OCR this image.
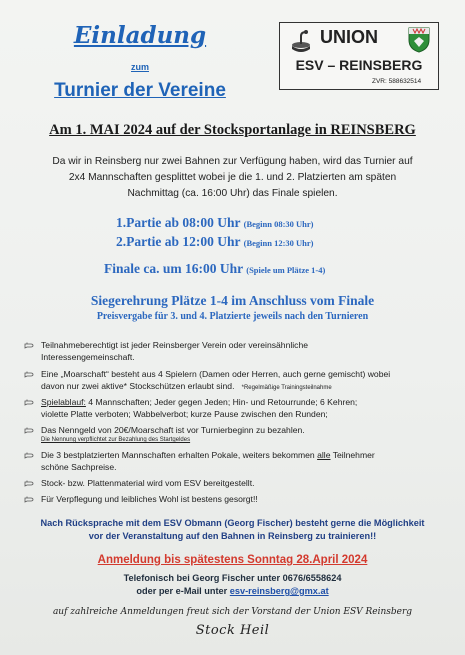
Einladung
zum
Turnier der Vereine
UNION
ESV – REINSBERG
ZVR: 588632514
Am 1. MAI 2024 auf der Stocksportanlage in REINSBERG
Da wir in Reinsberg nur zwei Bahnen zur Verfügung haben, wird das Turnier auf
2x4 Mannschaften gesplittet wobei je die 1. und 2. Platzierten am späten
Nachmittag (ca. 16:00 Uhr) das Finale spielen.
1.Partie ab 08:00 Uhr (Beginn 08:30 Uhr)
2.Partie ab 12:00 Uhr (Beginn 12:30 Uhr)
Finale ca. um 16:00 Uhr (Spiele um Plätze 1-4)
Siegerehrung Plätze 1-4 im Anschluss vom Finale
Preisvergabe für 3. und 4. Platzierte jeweils nach den Turnieren
Teilnahmeberechtigt ist jeder Reinsberger Verein oder vereinsähnliche
Interessengemeinschaft.
Eine „Moarschaft“ besteht aus 4 Spielern (Damen oder Herren, auch gerne gemischt) wobei
davon nur zwei aktive* Stockschützen erlaubt sind. *Regelmäßige Trainingsteilnahme
Spielablauf: 4 Mannschaften; Jeder gegen Jeden; Hin- und Retourrunde; 6 Kehren;
violette Platte verboten; Wabbelverbot; kurze Pause zwischen den Runden;
Das Nenngeld von 20€/Moarschaft ist vor Turnierbeginn zu bezahlen.
Die Nennung verpflichtet zur Bezahlung des Startgeldes
Die 3 bestplatzierten Mannschaften erhalten Pokale, weiters bekommen alle Teilnehmer
schöne Sachpreise.
Stock- bzw. Plattenmaterial wird vom ESV bereitgestellt.
Für Verpflegung und leibliches Wohl ist bestens gesorgt!!
Nach Rücksprache mit dem ESV Obmann (Georg Fischer) besteht gerne die Möglichkeit
vor der Veranstaltung auf den Bahnen in Reinsberg zu trainieren!!
Anmeldung bis spätestens Sonntag 28.April 2024
Telefonisch bei Georg Fischer unter 0676/6558624
oder per e-Mail unter esv-reinsberg@gmx.at
auf zahlreiche Anmeldungen freut sich der Vorstand der Union ESV Reinsberg
Stock Heil
